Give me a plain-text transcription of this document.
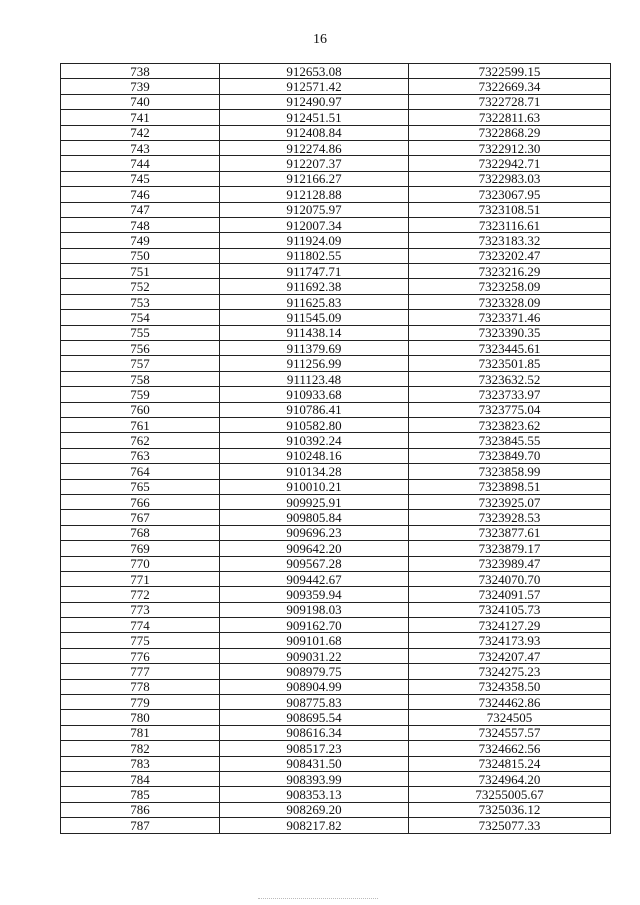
16
738	912653.08	7322599.15
739	912571.42	7322669.34
740	912490.97	7322728.71
741	912451.51	7322811.63
742	912408.84	7322868.29
743	912274.86	7322912.30
744	912207.37	7322942.71
745	912166.27	7322983.03
746	912128.88	7323067.95
747	912075.97	7323108.51
748	912007.34	7323116.61
749	911924.09	7323183.32
750	911802.55	7323202.47
751	911747.71	7323216.29
752	911692.38	7323258.09
753	911625.83	7323328.09
754	911545.09	7323371.46
755	911438.14	7323390.35
756	911379.69	7323445.61
757	911256.99	7323501.85
758	911123.48	7323632.52
759	910933.68	7323733.97
760	910786.41	7323775.04
761	910582.80	7323823.62
762	910392.24	7323845.55
763	910248.16	7323849.70
764	910134.28	7323858.99
765	910010.21	7323898.51
766	909925.91	7323925.07
767	909805.84	7323928.53
768	909696.23	7323877.61
769	909642.20	7323879.17
770	909567.28	7323989.47
771	909442.67	7324070.70
772	909359.94	7324091.57
773	909198.03	7324105.73
774	909162.70	7324127.29
775	909101.68	7324173.93
776	909031.22	7324207.47
777	908979.75	7324275.23
778	908904.99	7324358.50
779	908775.83	7324462.86
780	908695.54	7324505
781	908616.34	7324557.57
782	908517.23	7324662.56
783	908431.50	7324815.24
784	908393.99	7324964.20
785	908353.13	73255005.67
786	908269.20	7325036.12
787	908217.82	7325077.33
